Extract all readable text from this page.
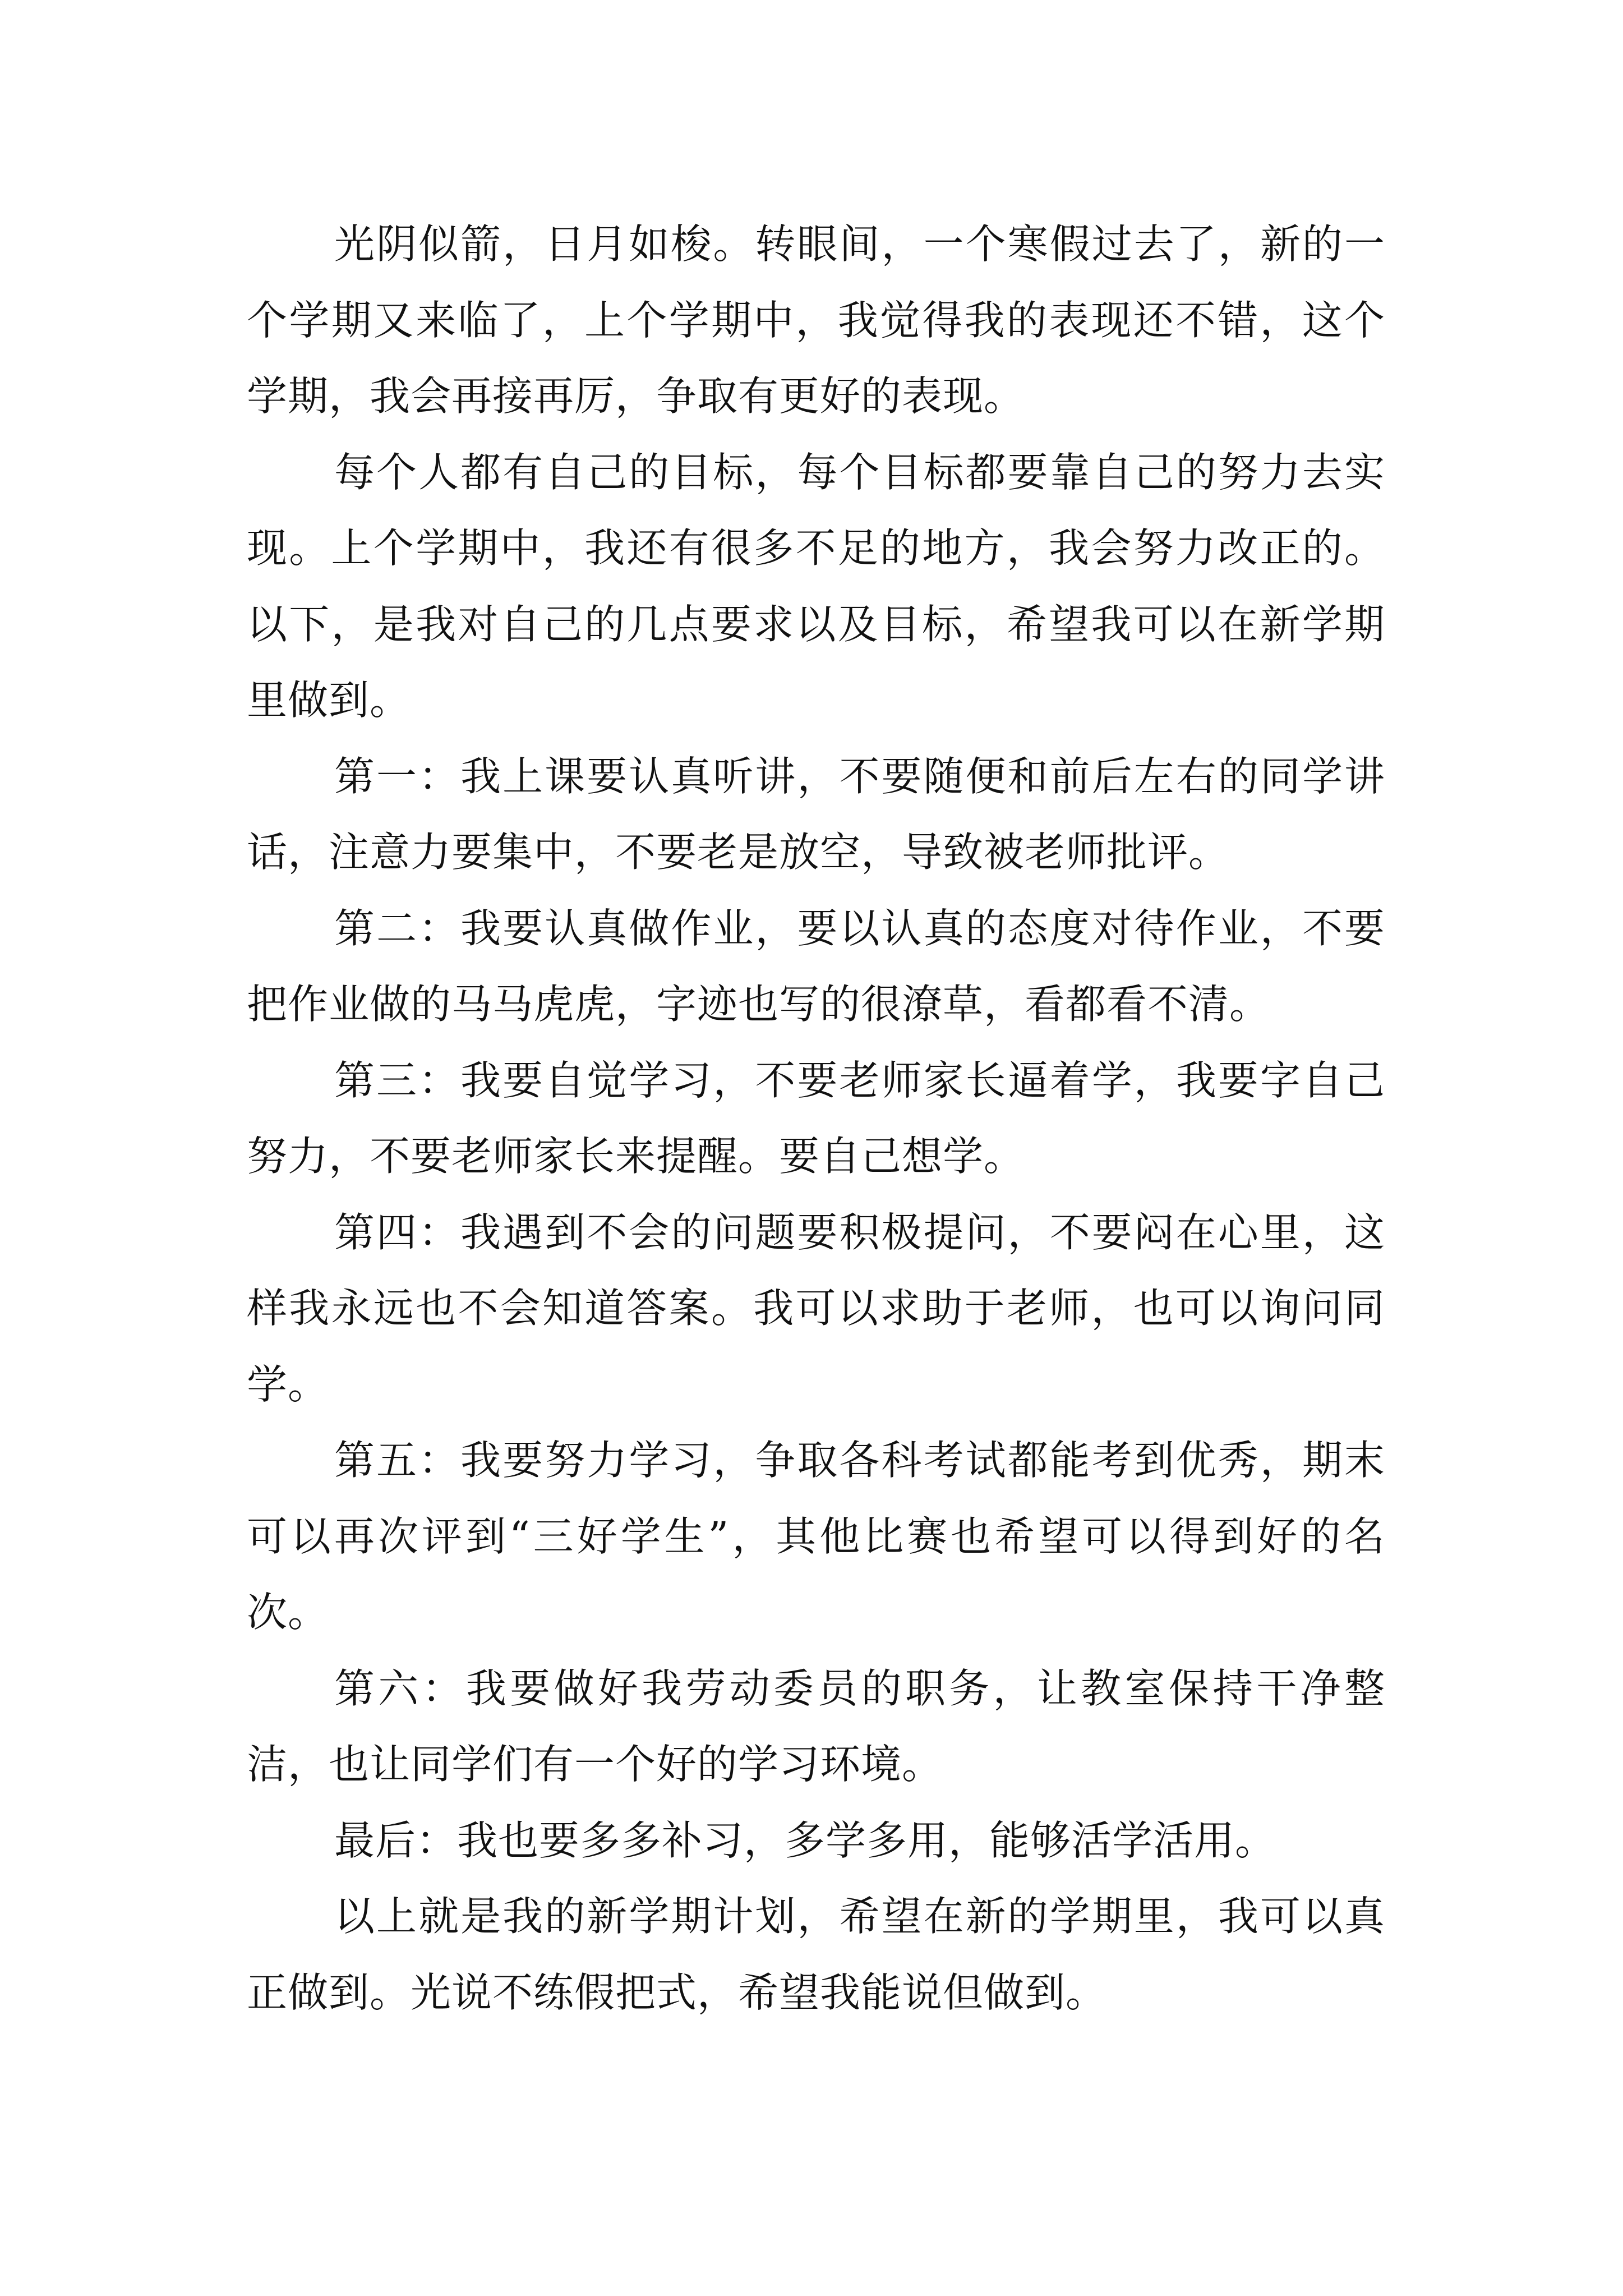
光阴似箭，日月如梭。转眼间，一个寒假过去了，新的一个学期又来临了，上个学期中，我觉得我的表现还不错，这个学期，我会再接再厉，争取有更好的表现。

每个人都有自己的目标，每个目标都要靠自己的努力去实现。上个学期中，我还有很多不足的地方，我会努力改正的。以下，是我对自己的几点要求以及目标，希望我可以在新学期里做到。

第一：我上课要认真听讲，不要随便和前后左右的同学讲话，注意力要集中，不要老是放空，导致被老师批评。

第二：我要认真做作业，要以认真的态度对待作业，不要把作业做的马马虎虎，字迹也写的很潦草，看都看不清。

第三：我要自觉学习，不要老师家长逼着学，我要字自己努力，不要老师家长来提醒。要自己想学。

第四：我遇到不会的问题要积极提问，不要闷在心里，这样我永远也不会知道答案。我可以求助于老师，也可以询问同学。

第五：我要努力学习，争取各科考试都能考到优秀，期末可以再次评到“三好学生”，其他比赛也希望可以得到好的名次。

第六：我要做好我劳动委员的职务，让教室保持干净整洁，也让同学们有一个好的学习环境。

最后：我也要多多补习，多学多用，能够活学活用。

以上就是我的新学期计划，希望在新的学期里，我可以真正做到。光说不练假把式，希望我能说但做到。
